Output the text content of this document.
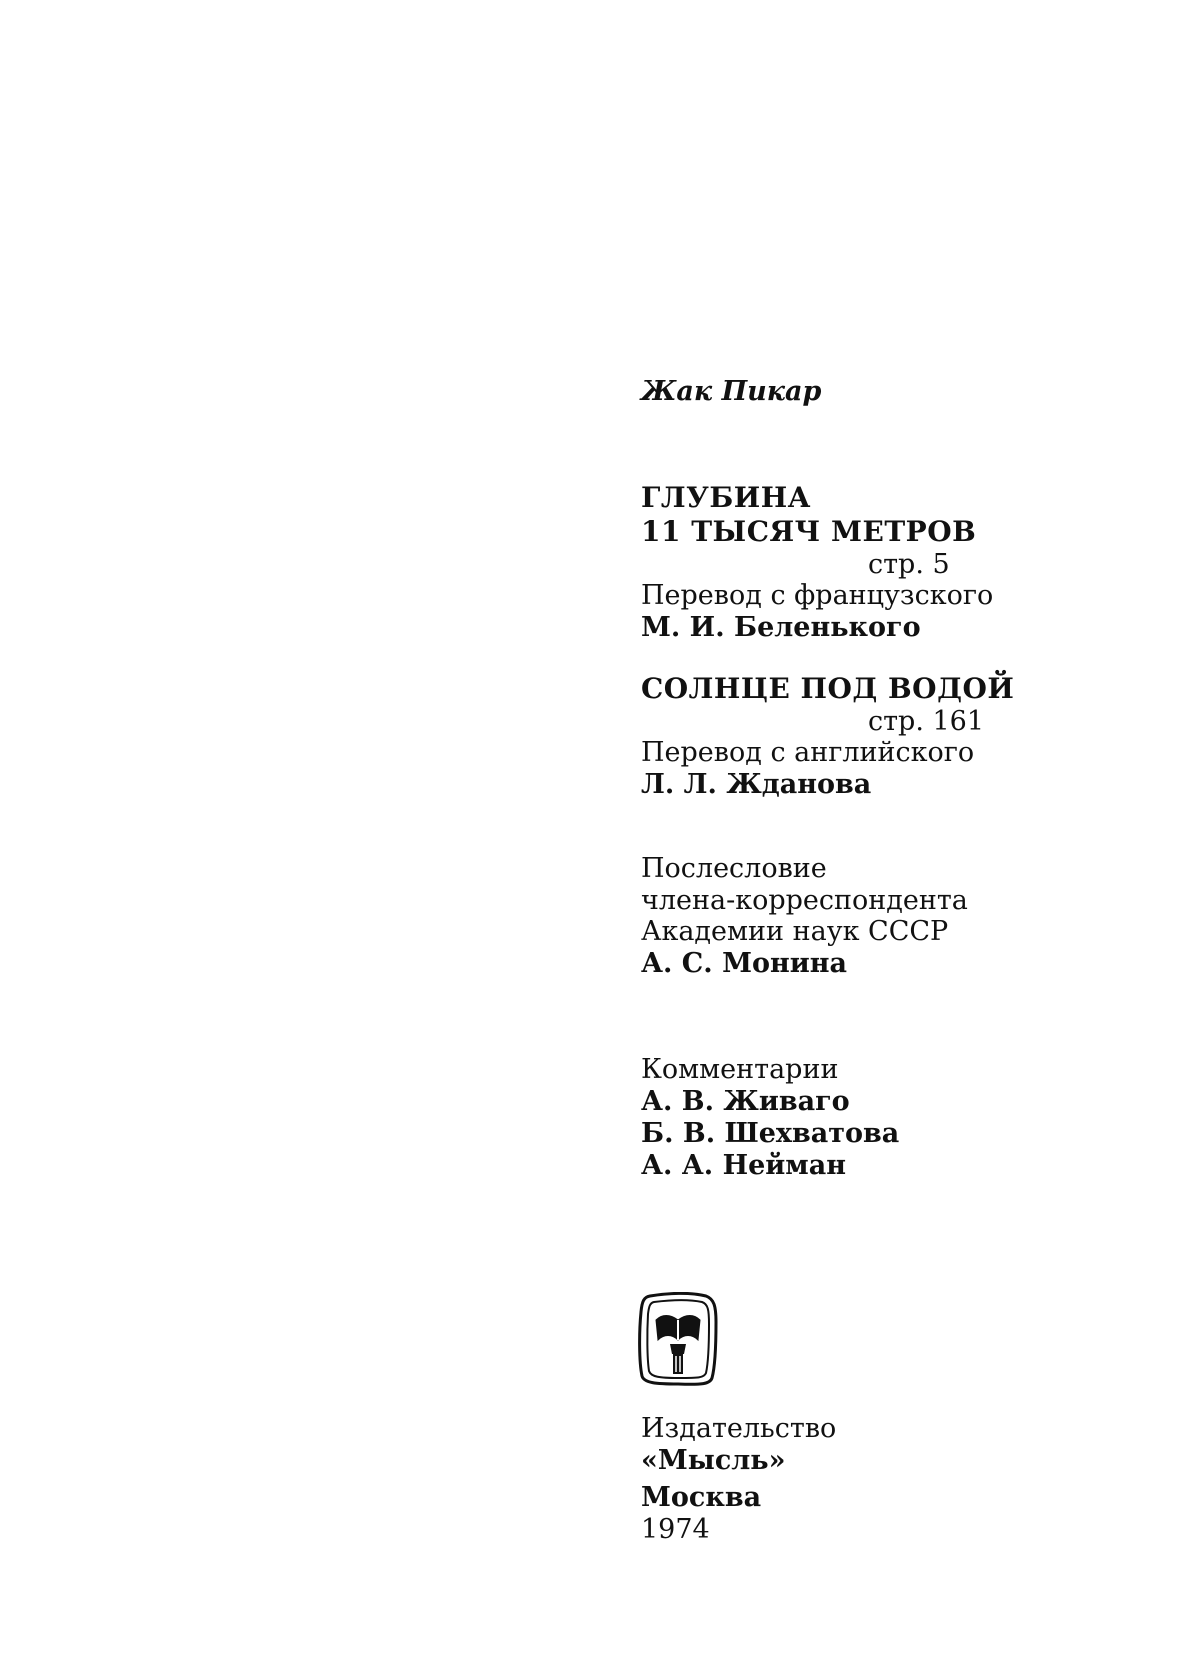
Жак Пикар
ГЛУБИНА
11 ТЫСЯЧ МЕТРОВ
стр. 5
Перевод с французского
М. И. Беленького
СОЛНЦЕ ПОД ВОДОЙ
стр. 161
Перевод с английского
Л. Л. Жданова
Послесловие
члена-корреспондента
Академии наук СССР
А. С. Монина
Комментарии
А. В. Живаго
Б. В. Шехватова
А. А. Нейман
Издательство
«Мысль»
Москва
1974
